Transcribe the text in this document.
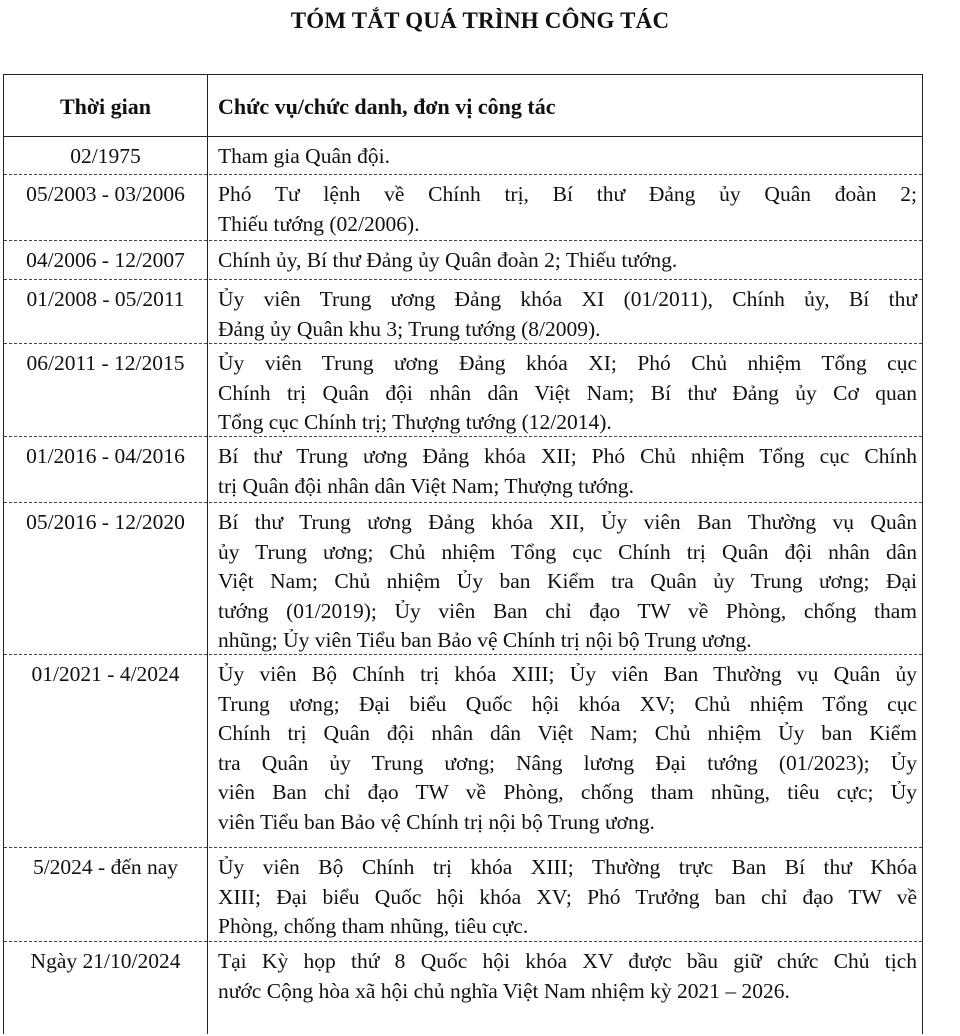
TÓM TẮT QUÁ TRÌNH CÔNG TÁC
Thời gian	Chức vụ/chức danh, đơn vị công tác
02/1975	Tham gia Quân đội.
05/2003 - 03/2006	Phó Tư lệnh về Chính trị, Bí thư Đảng ủy Quân đoàn 2;
Thiếu tướng (02/2006).
04/2006 - 12/2007	Chính ủy, Bí thư Đảng ủy Quân đoàn 2; Thiếu tướng.
01/2008 - 05/2011	Ủy viên Trung ương Đảng khóa XI (01/2011), Chính ủy, Bí thư
Đảng ủy Quân khu 3; Trung tướng (8/2009).
06/2011 - 12/2015	Ủy viên Trung ương Đảng khóa XI; Phó Chủ nhiệm Tổng cục
Chính trị Quân đội nhân dân Việt Nam; Bí thư Đảng ủy Cơ quan
Tổng cục Chính trị; Thượng tướng (12/2014).
01/2016 - 04/2016	Bí thư Trung ương Đảng khóa XII; Phó Chủ nhiệm Tổng cục Chính
trị Quân đội nhân dân Việt Nam; Thượng tướng.
05/2016 - 12/2020	Bí thư Trung ương Đảng khóa XII, Ủy viên Ban Thường vụ Quân
ủy Trung ương; Chủ nhiệm Tổng cục Chính trị Quân đội nhân dân
Việt Nam; Chủ nhiệm Ủy ban Kiểm tra Quân ủy Trung ương; Đại
tướng (01/2019); Ủy viên Ban chỉ đạo TW về Phòng, chống tham
nhũng; Ủy viên Tiểu ban Bảo vệ Chính trị nội bộ Trung ương.
01/2021 - 4/2024	Ủy viên Bộ Chính trị khóa XIII; Ủy viên Ban Thường vụ Quân ủy
Trung ương; Đại biểu Quốc hội khóa XV; Chủ nhiệm Tổng cục
Chính trị Quân đội nhân dân Việt Nam; Chủ nhiệm Ủy ban Kiểm
tra Quân ủy Trung ương; Nâng lương Đại tướng (01/2023); Ủy
viên Ban chỉ đạo TW về Phòng, chống tham nhũng, tiêu cực; Ủy
viên Tiểu ban Bảo vệ Chính trị nội bộ Trung ương.
5/2024 - đến nay	Ủy viên Bộ Chính trị khóa XIII; Thường trực Ban Bí thư Khóa
XIII; Đại biểu Quốc hội khóa XV; Phó Trưởng ban chỉ đạo TW về
Phòng, chống tham nhũng, tiêu cực.
Ngày 21/10/2024	Tại Kỳ họp thứ 8 Quốc hội khóa XV được bầu giữ chức Chủ tịch
nước Cộng hòa xã hội chủ nghĩa Việt Nam nhiệm kỳ 2021 – 2026.
